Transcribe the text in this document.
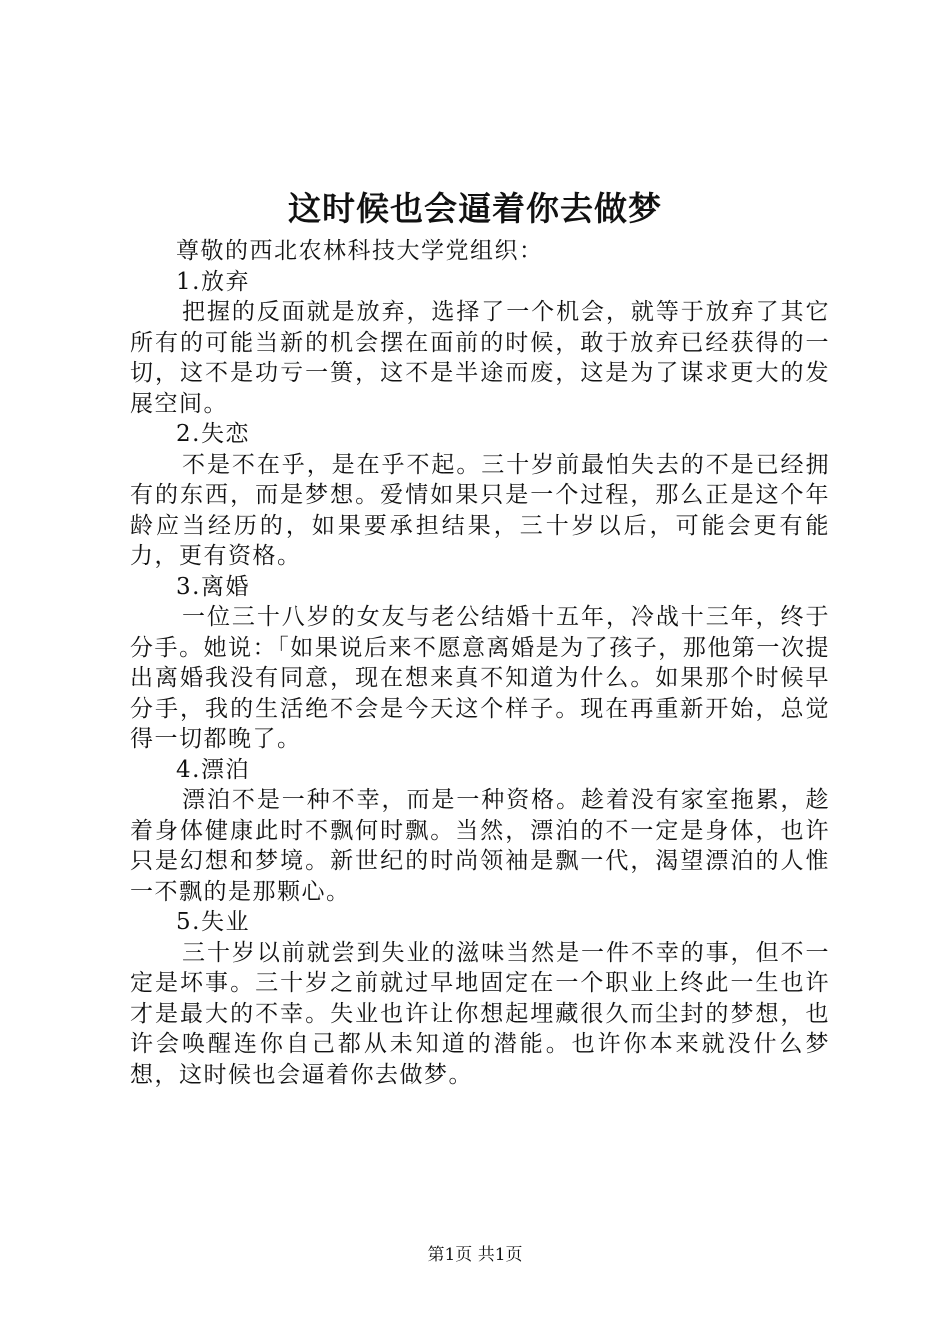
这时候也会逼着你去做梦

尊敬的西北农林科技大学党组织：

1.放弃

把握的反面就是放弃，选择了一个机会，就等于放弃了其它所有的可能当新的机会摆在面前的时候，敢于放弃已经获得的一切，这不是功亏一篑，这不是半途而废，这是为了谋求更大的发展空间。

2.失恋

不是不在乎，是在乎不起。三十岁前最怕失去的不是已经拥有的东西，而是梦想。爱情如果只是一个过程，那么正是这个年龄应当经历的，如果要承担结果，三十岁以后，可能会更有能力，更有资格。

3.离婚

一位三十八岁的女友与老公结婚十五年，冷战十三年，终于分手。她说：「如果说后来不愿意离婚是为了孩子，那他第一次提出离婚我没有同意，现在想来真不知道为什么。如果那个时候早分手，我的生活绝不会是今天这个样子。现在再重新开始，总觉得一切都晚了。

4.漂泊

漂泊不是一种不幸，而是一种资格。趁着没有家室拖累，趁着身体健康此时不飘何时飘。当然，漂泊的不一定是身体，也许只是幻想和梦境。新世纪的时尚领袖是飘一代，渴望漂泊的人惟一不飘的是那颗心。

5.失业

三十岁以前就尝到失业的滋味当然是一件不幸的事，但不一定是坏事。三十岁之前就过早地固定在一个职业上终此一生也许才是最大的不幸。失业也许让你想起埋藏很久而尘封的梦想，也许会唤醒连你自己都从未知道的潜能。也许你本来就没什么梦想，这时候也会逼着你去做梦。

第1页 共1页
